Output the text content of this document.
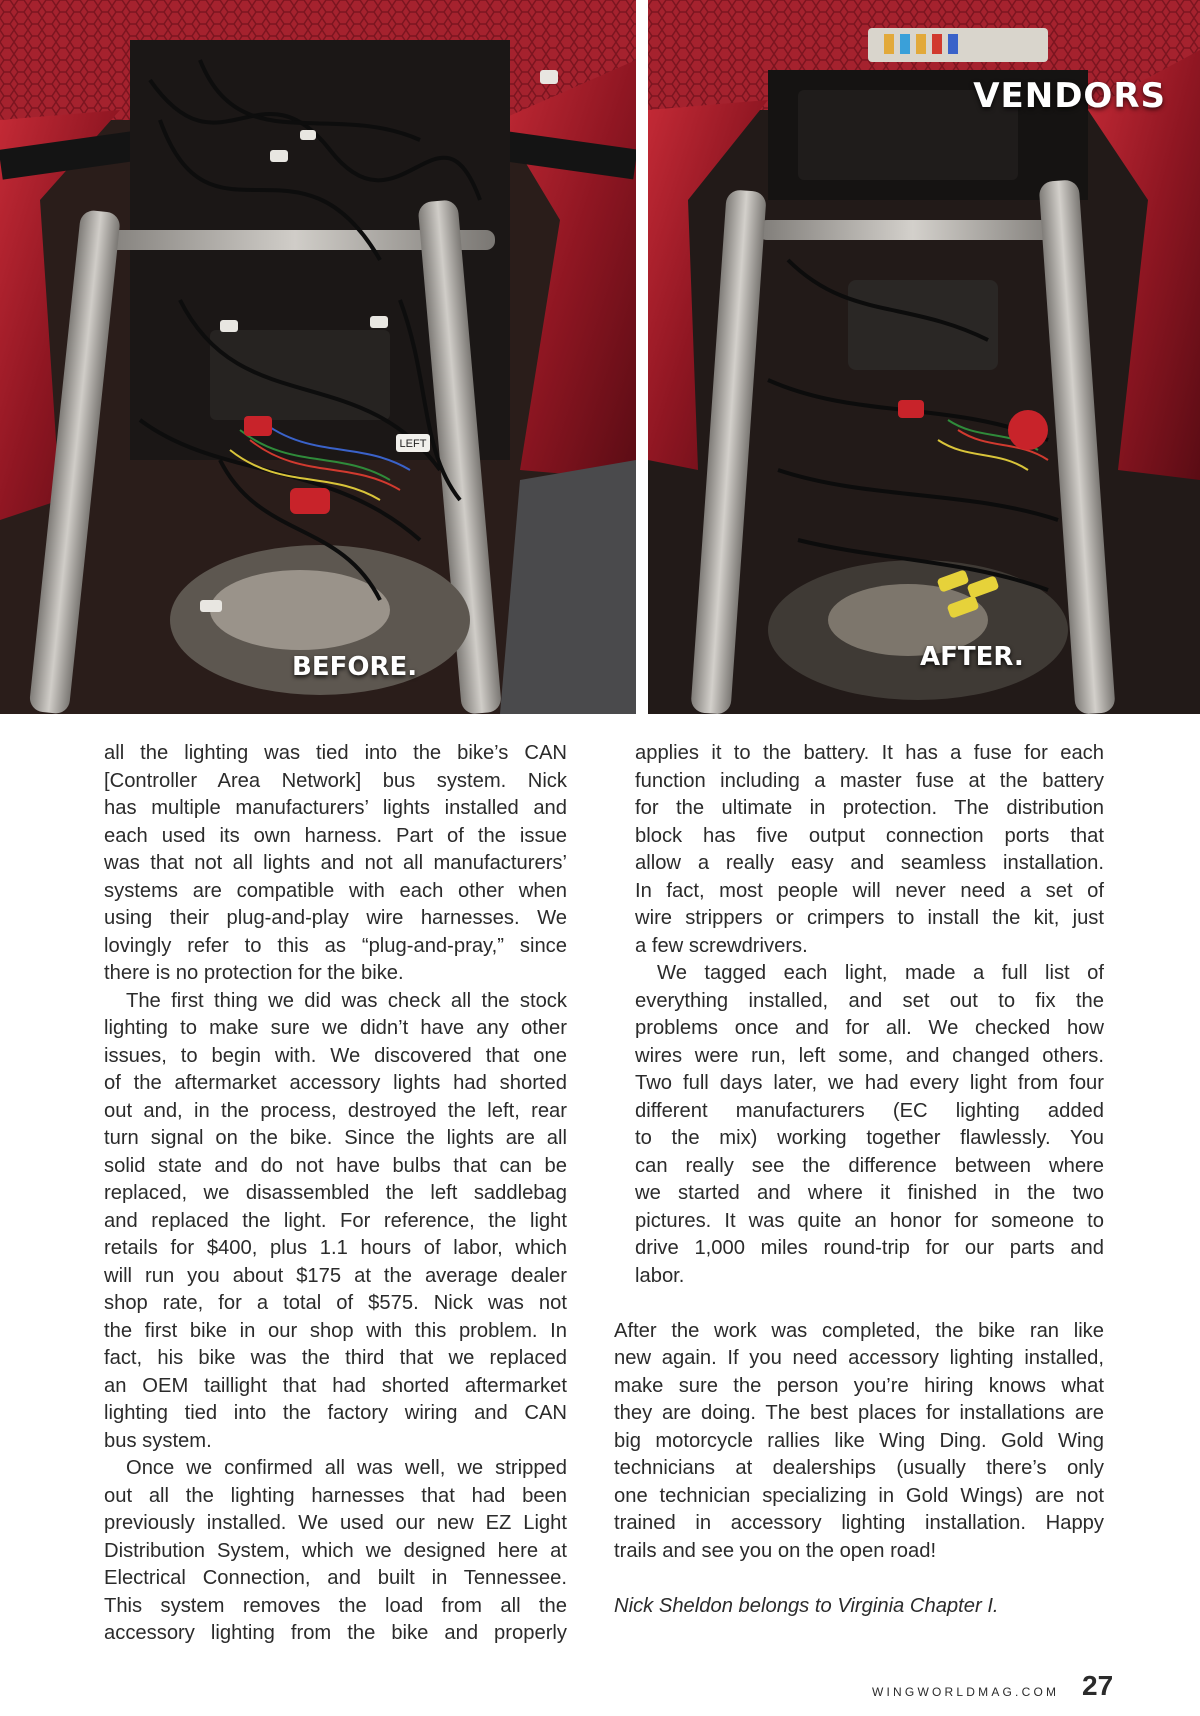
LEFT
BEFORE.
VENDORS
AFTER.
all the lighting was tied into the bike’s CAN
[Controller Area Network] bus system. Nick
has multiple manufacturers’ lights installed and
each used its own harness. Part of the issue
was that not all lights and not all manufacturers’
systems are compatible with each other when
using their plug-and-play wire harnesses. We
lovingly refer to this as “plug-and-pray,” since
there is no protection for the bike.
The first thing we did was check all the stock
lighting to make sure we didn’t have any other
issues, to begin with. We discovered that one
of the aftermarket accessory lights had shorted
out and, in the process, destroyed the left, rear
turn signal on the bike. Since the lights are all
solid state and do not have bulbs that can be
replaced, we disassembled the left saddlebag
and replaced the light. For reference, the light
retails for $400, plus 1.1 hours of labor, which
will run you about $175 at the average dealer
shop rate, for a total of $575. Nick was not
the first bike in our shop with this problem. In
fact, his bike was the third that we replaced
an OEM taillight that had shorted aftermarket
lighting tied into the factory wiring and CAN
bus system.
Once we confirmed all was well, we stripped
out all the lighting harnesses that had been
previously installed. We used our new EZ Light
Distribution System, which we designed here at
Electrical Connection, and built in Tennessee.
This system removes the load from all the
accessory lighting from the bike and properly
applies it to the battery. It has a fuse for each
function including a master fuse at the battery
for the ultimate in protection. The distribution
block has five output connection ports that
allow a really easy and seamless installation.
In fact, most people will never need a set of
wire strippers or crimpers to install the kit, just
a few screwdrivers.
We tagged each light, made a full list of
everything installed, and set out to fix the
problems once and for all. We checked how
wires were run, left some, and changed others.
Two full days later, we had every light from four
different manufacturers (EC lighting added
to the mix) working together flawlessly. You
can really see the difference between where
we started and where it finished in the two
pictures. It was quite an honor for someone to
drive 1,000 miles round-trip for our parts and
labor.
After the work was completed, the bike ran like
new again. If you need accessory lighting installed,
make sure the person you’re hiring knows what
they are doing. The best places for installations are
big motorcycle rallies like Wing Ding. Gold Wing
technicians at dealerships (usually there’s only
one technician specializing in Gold Wings) are not
trained in accessory lighting installation. Happy
trails and see you on the open road!
Nick Sheldon belongs to Virginia Chapter I.
WINGWORLDMAG.COM 27
